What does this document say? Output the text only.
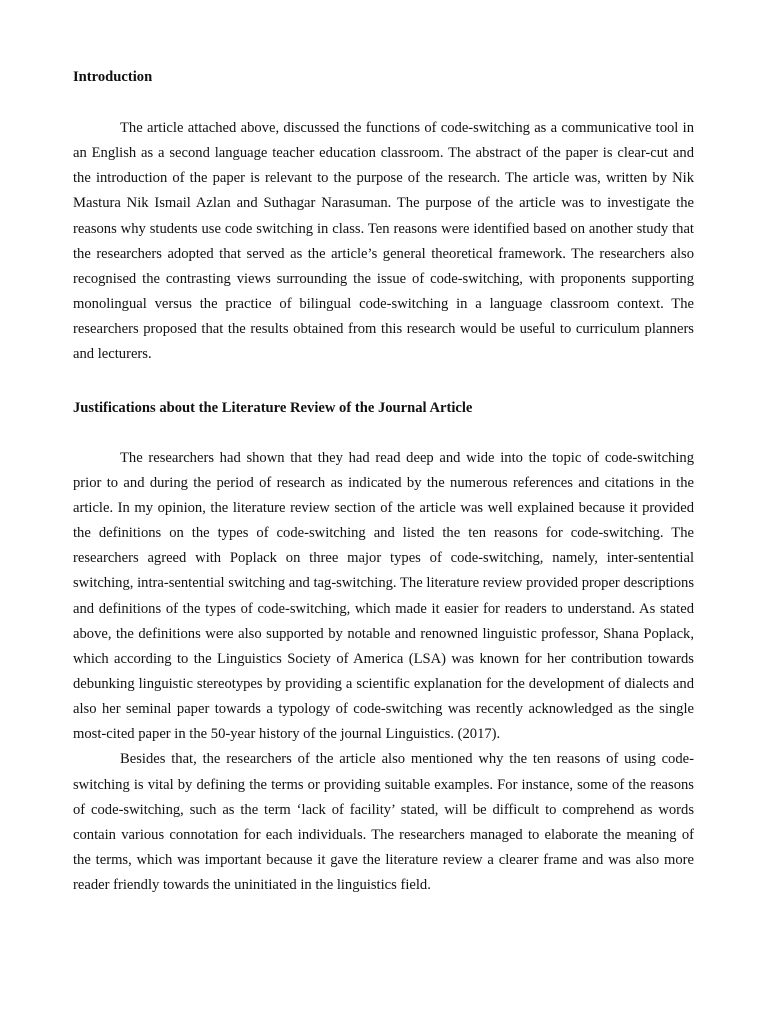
Introduction

The article attached above, discussed the functions of code-switching as a communicative tool in an English as a second language teacher education classroom. The abstract of the paper is clear-cut and the introduction of the paper is relevant to the purpose of the research. The article was, written by Nik Mastura Nik Ismail Azlan and Suthagar Narasuman. The purpose of the article was to investigate the reasons why students use code switching in class. Ten reasons were identified based on another study that the researchers adopted that served as the article’s general theoretical framework. The researchers also recognised the contrasting views surrounding the issue of code-switching, with proponents supporting monolingual versus the practice of bilingual code-switching in a language classroom context. The researchers proposed that the results obtained from this research would be useful to curriculum planners and lecturers.

Justifications about the Literature Review of the Journal Article

The researchers had shown that they had read deep and wide into the topic of code-switching prior to and during the period of research as indicated by the numerous references and citations in the article. In my opinion, the literature review section of the article was well explained because it provided the definitions on the types of code-switching and listed the ten reasons for code-switching. The researchers agreed with Poplack on three major types of code-switching, namely, inter-sentential switching, intra-sentential switching and tag-switching. The literature review provided proper descriptions and definitions of the types of code-switching, which made it easier for readers to understand. As stated above, the definitions were also supported by notable and renowned linguistic professor, Shana Poplack, which according to the Linguistics Society of America (LSA) was known for her contribution towards debunking linguistic stereotypes by providing a scientific explanation for the development of dialects and also her seminal paper towards a typology of code-switching was recently acknowledged as the single most-cited paper in the 50-year history of the journal Linguistics. (2017).

Besides that, the researchers of the article also mentioned why the ten reasons of using code-switching is vital by defining the terms or providing suitable examples. For instance, some of the reasons of code-switching, such as the term ‘lack of facility’ stated, will be difficult to comprehend as words contain various connotation for each individuals. The researchers managed to elaborate the meaning of the terms, which was important because it gave the literature review a clearer frame and was also more reader friendly towards the uninitiated in the linguistics field.
